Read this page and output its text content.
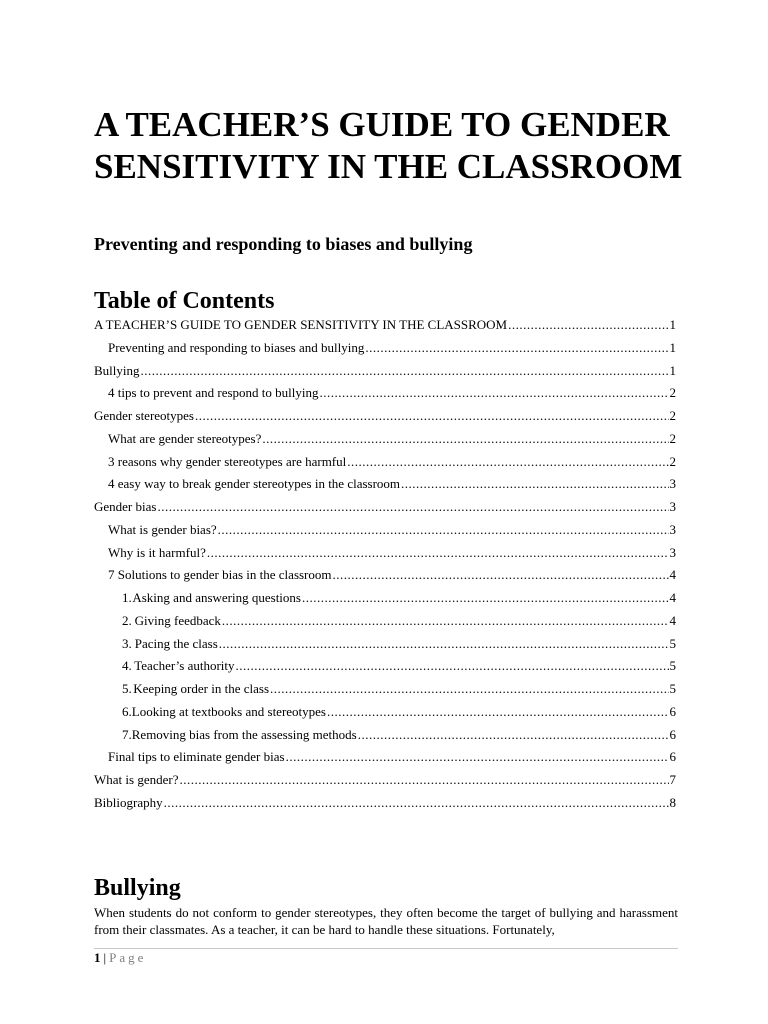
A TEACHER’S GUIDE TO GENDER SENSITIVITY IN THE CLASSROOM
Preventing and responding to biases and bullying
Table of Contents
A TEACHER’S GUIDE TO GENDER SENSITIVITY IN THE CLASSROOM .....	1
Preventing and responding to biases and bullying .....	1
Bullying .....	1
4 tips to prevent and respond to bullying .....	2
Gender stereotypes .....	2
What are gender stereotypes? .....	2
3 reasons why gender stereotypes are harmful .....	2
4 easy way to break gender stereotypes in the classroom .....	3
Gender bias .....	3
What is gender bias? .....	3
Why is it harmful? .....	3
7 Solutions to gender bias in the classroom .....	4
1. Asking and answering questions .....	4
2. Giving feedback .....	4
3. Pacing the class .....	5
4. Teacher’s authority .....	5
5. Keeping order in the class .....	5
6. Looking at textbooks and stereotypes .....	6
7. Removing bias from the assessing methods .....	6
Final tips to eliminate gender bias .....	6
What is gender? .....	7
Bibliography .....	8
Bullying

When students do not conform to gender stereotypes, they often become the target of bullying and harassment from their classmates. As a teacher, it can be hard to handle these situations. Fortunately,

1 | Page
